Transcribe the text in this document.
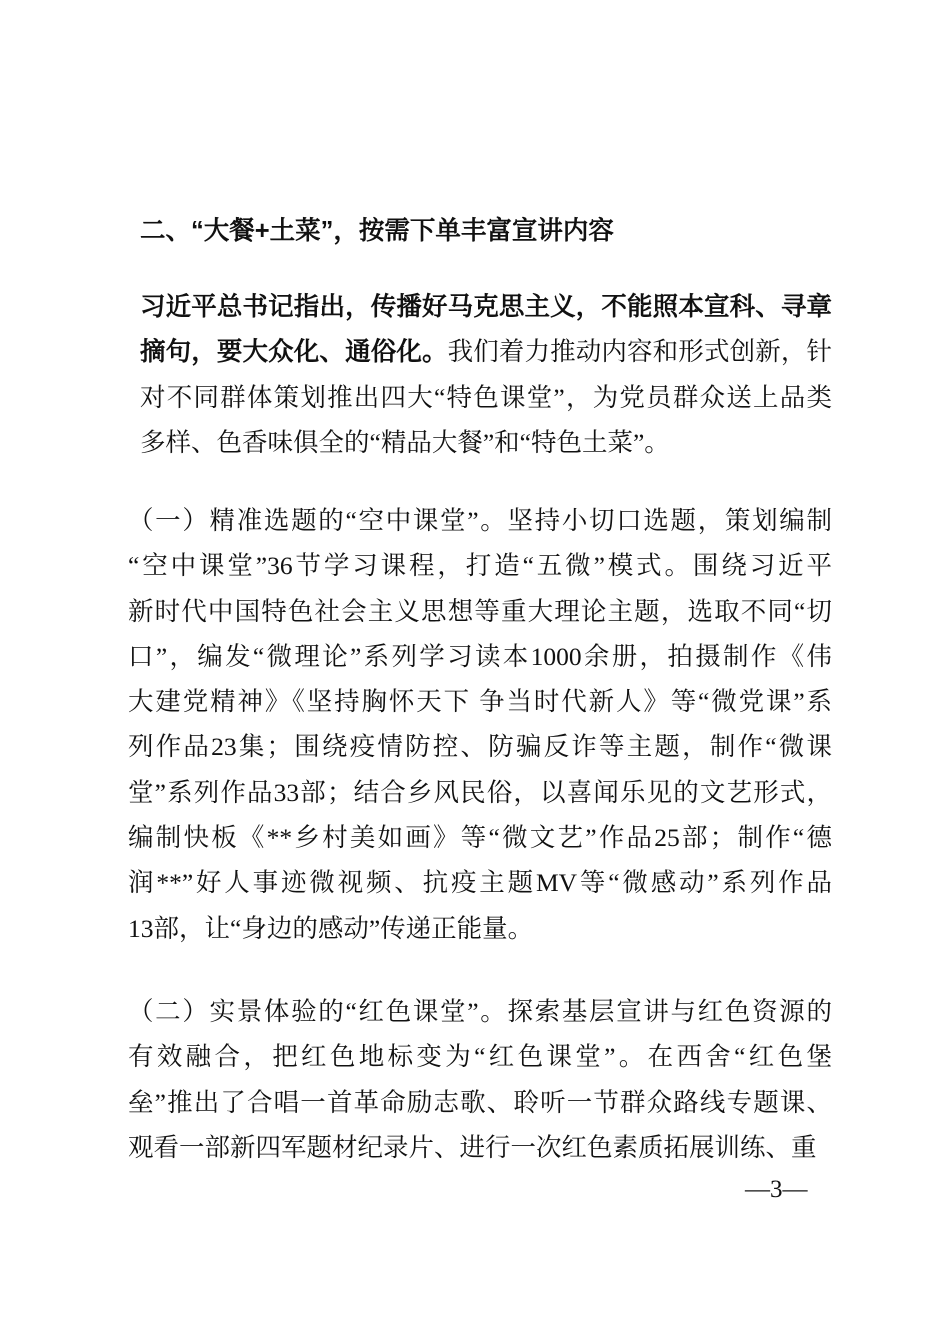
二、“大餐+土菜”，按需下单丰富宣讲内容
习近平总书记指出，传播好马克思主义，不能照本宣科、寻章
摘句，要大众化、通俗化。我们着力推动内容和形式创新，针
对不同群体策划推出四大“特色课堂”，为党员群众送上品类
多样、色香味俱全的“精品大餐”和“特色土菜”。
（一）精准选题的“空中课堂”。坚持小切口选题，策划编制
“空中课堂”36节学习课程，打造“五微”模式。围绕习近平
新时代中国特色社会主义思想等重大理论主题，选取不同“切
口”，编发“微理论”系列学习读本1000余册，拍摄制作《伟
大建党精神》《坚持胸怀天下 争当时代新人》等“微党课”系
列作品23集；围绕疫情防控、防骗反诈等主题，制作“微课
堂”系列作品33部；结合乡风民俗，以喜闻乐见的文艺形式，
编制快板《**乡村美如画》等“微文艺”作品25部；制作“德
润**”好人事迹微视频、抗疫主题MV等“微感动”系列作品
13部，让“身边的感动”传递正能量。
（二）实景体验的“红色课堂”。探索基层宣讲与红色资源的
有效融合，把红色地标变为“红色课堂”。在西舍“红色堡
垒”推出了合唱一首革命励志歌、聆听一节群众路线专题课、
观看一部新四军题材纪录片、进行一次红色素质拓展训练、重
—3—
